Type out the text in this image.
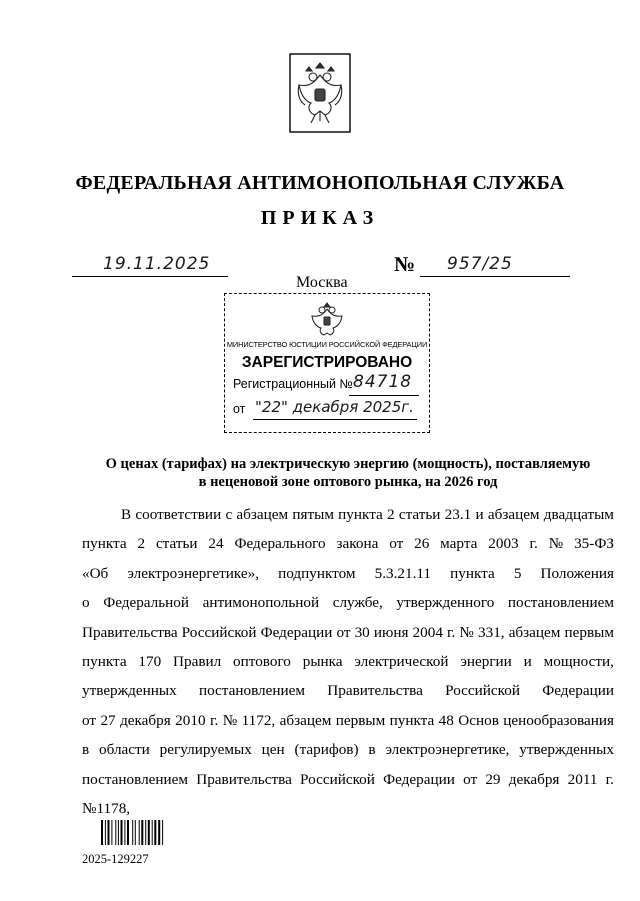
ФЕДЕРАЛЬНАЯ АНТИМОНОПОЛЬНАЯ СЛУЖБА
ПРИКАЗ
19.11.2025	№ 957/25
Москва
МИНИСТЕРСТВО ЮСТИЦИИ РОССИЙСКОЙ ФЕДЕРАЦИИ
ЗАРЕГИСТРИРОВАНО
Регистрационный № 84718
от "22" декабря 2025г.
О ценах (тарифах) на электрическую энергию (мощность), поставляемую
в неценовой зоне оптового рынка, на 2026 год
В соответствии с абзацем пятым пункта 2 статьи 23.1 и абзацем двадцатым
пункта 2 статьи 24 Федерального закона от 26 марта 2003 г. № 35-ФЗ
«Об электроэнергетике», подпунктом 5.3.21.11 пункта 5 Положения
о Федеральной антимонопольной службе, утвержденного постановлением
Правительства Российской Федерации от 30 июня 2004 г. № 331, абзацем первым
пункта 170 Правил оптового рынка электрической энергии и мощности,
утвержденных постановлением Правительства Российской Федерации
от 27 декабря 2010 г. № 1172, абзацем первым пункта 48 Основ ценообразования
в области регулируемых цен (тарифов) в электроэнергетике, утвержденных
постановлением Правительства Российской Федерации от 29 декабря 2011 г.
№ 1178,
2025-129227
